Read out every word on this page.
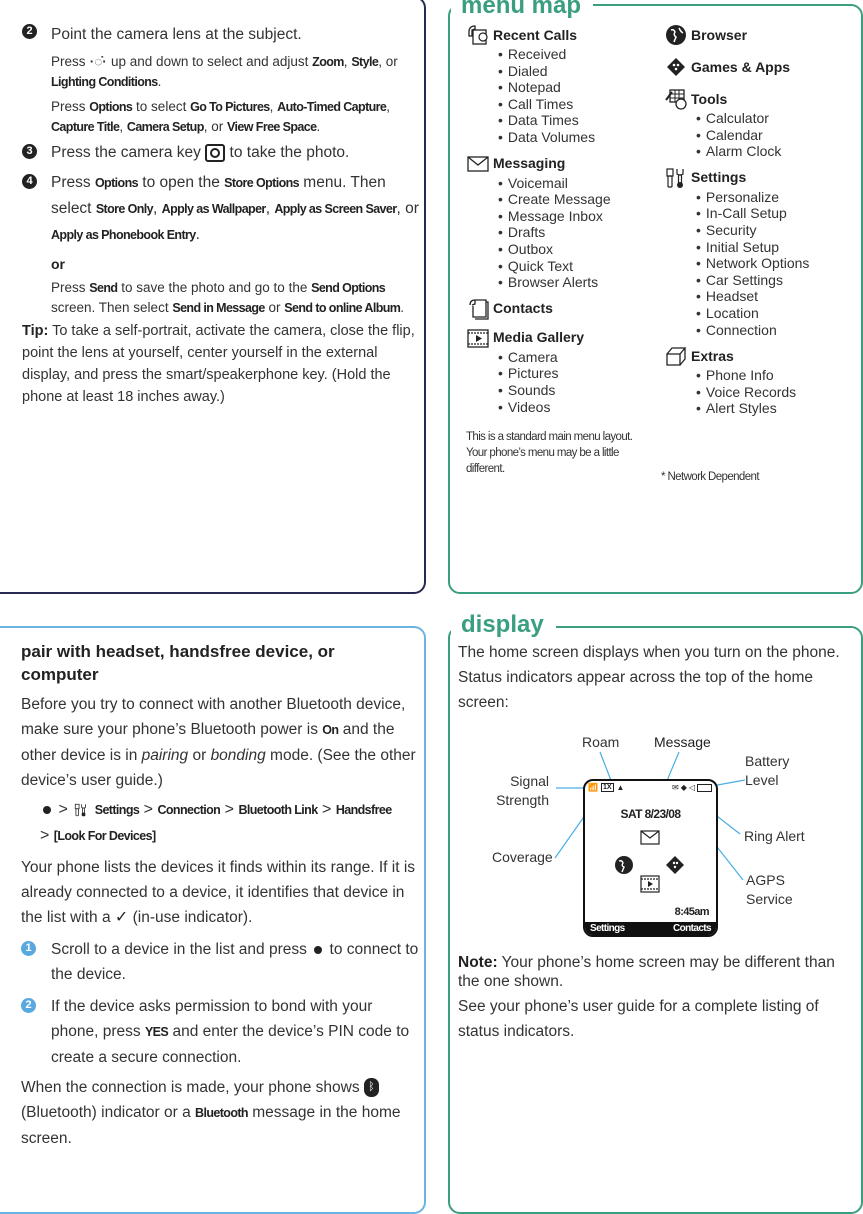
2	Point the camera lens at the subject.
Press ·◌̇· up and down to select and adjust Zoom, Style, or Lighting Conditions.
Press Options to select Go To Pictures, Auto-Timed Capture, Capture Title, Camera Setup, or View Free Space.
3	Press the camera key to take the photo.
4	Press Options to open the Store Options menu. Then select Store Only, Apply as Wallpaper, Apply as Screen Saver, or Apply as Phonebook Entry.
or
Press Send to save the photo and go to the Send Options screen. Then select Send in Message or Send to online Album.
Tip: To take a self-portrait, activate the camera, close the flip, point the lens at yourself, center yourself in the external display, and press the smart/speakerphone key. (Hold the phone at least 18 inches away.)
menu map
Recent Calls
• Received
• Dialed
• Notepad
• Call Times
• Data Times
• Data Volumes
Messaging
• Voicemail
• Create Message
• Message Inbox
• Drafts
• Outbox
• Quick Text
• Browser Alerts
Contacts
Media Gallery
• Camera
• Pictures
• Sounds
• Videos
This is a standard main menu layout. Your phone’s menu may be a little different.
Browser
Games & Apps
Tools
• Calculator
• Calendar
• Alarm Clock
Settings
• Personalize
• In-Call Setup
• Security
• Initial Setup
• Network Options
• Car Settings
• Headset
• Location
• Connection
Extras
• Phone Info
• Voice Records
• Alert Styles
* Network Dependent
pair with headset, handsfree device, or computer
Before you try to connect with another Bluetooth device, make sure your phone’s Bluetooth power is On and the other device is in pairing or bonding mode. (See the other device’s user guide.)
> Settings > Connection > Bluetooth Link > Handsfree
> [Look For Devices]
Your phone lists the devices it finds within its range. If it is already connected to a device, it identifies that device in the list with a ✓ (in-use indicator).
1	Scroll to a device in the list and press to connect to the device.
2	If the device asks permission to bond with your phone, press YES and enter the device’s PIN code to create a secure connection.
When the connection is made, your phone shows ᛒ (Bluetooth) indicator or a Bluetooth message in the home screen.
display
The home screen displays when you turn on the phone. Status indicators appear across the top of the home screen:
Roam Message
Battery Level
Signal Strength
Ring Alert
Coverage
AGPS Service
📶 1X ▲	✉ ◆ ◁
SAT 8/23/08
8:45am
Settings	Contacts
Note: Your phone’s home screen may be different than the one shown.
See your phone’s user guide for a complete listing of status indicators.
